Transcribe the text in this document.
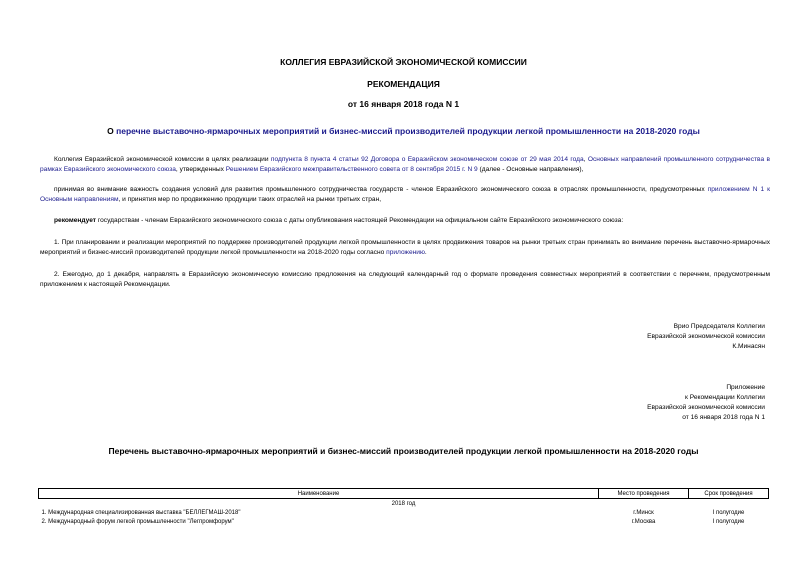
КОЛЛЕГИЯ ЕВРАЗИЙСКОЙ ЭКОНОМИЧЕСКОЙ КОМИССИИ
РЕКОМЕНДАЦИЯ
от 16 января 2018 года N 1
О перечне выставочно-ярмарочных мероприятий и бизнес-миссий производителей продукции легкой промышленности на 2018-2020 годы
Коллегия Евразийской экономической комиссии в целях реализации подпункта 8 пункта 4 статьи 92 Договора о Евразийском экономическом союзе от 29 мая 2014 года, Основных направлений промышленного сотрудничества в рамках Евразийского экономического союза, утвержденных Решением Евразийского межправительственного совета от 8 сентября 2015 г. N 9 (далее - Основные направления),
принимая во внимание важность создания условий для развития промышленного сотрудничества государств - членов Евразийского экономического союза в отраслях промышленности, предусмотренных приложением N 1 к Основным направлениям, и принятия мер по продвижению продукции таких отраслей на рынки третьих стран,
рекомендует государствам - членам Евразийского экономического союза с даты опубликования настоящей Рекомендации на официальном сайте Евразийского экономического союза:
1. При планировании и реализации мероприятий по поддержке производителей продукции легкой промышленности в целях продвижения товаров на рынки третьих стран принимать во внимание перечень выставочно-ярмарочных мероприятий и бизнес-миссий производителей продукции легкой промышленности на 2018-2020 годы согласно приложению.
2. Ежегодно, до 1 декабря, направлять в Евразийскую экономическую комиссию предложения на следующий календарный год о формате проведения совместных мероприятий в соответствии с перечнем, предусмотренным приложением к настоящей Рекомендации.
Врио Председателя Коллегии
Евразийской экономической комиссии
К.Минасян
Приложение
к Рекомендации Коллегии
Евразийской экономической комиссии
от 16 января 2018 года N 1
Перечень выставочно-ярмарочных мероприятий и бизнес-миссий производителей продукции легкой промышленности на 2018-2020 годы
Наименование	Место проведения	Срок проведения
2018 год		
1. Международная специализированная выставка "БЕЛЛЕГМАШ-2018"	г.Минск	I полугодие
2. Международный форум легкой промышленности "Легпромфорум"	г.Москва	I полугодие
